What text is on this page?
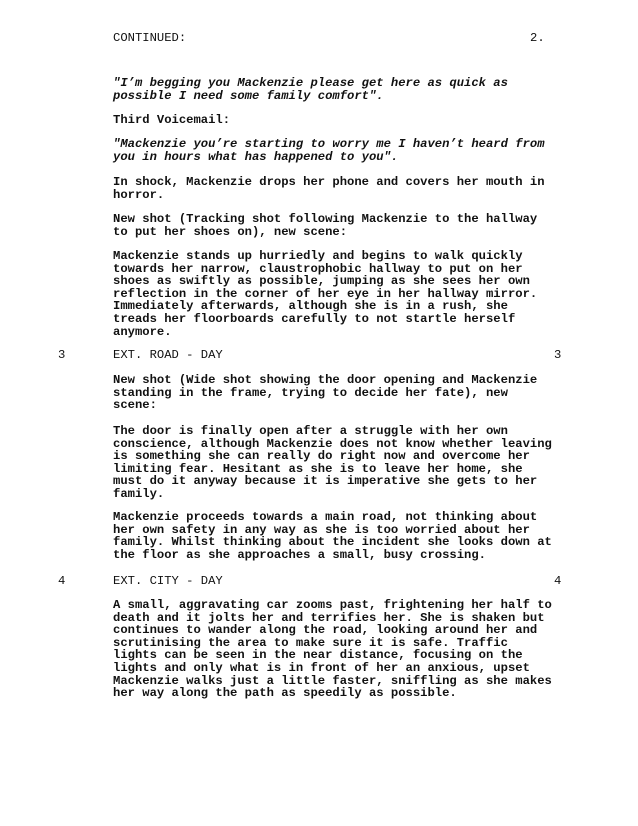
CONTINUED:	2.
"I’m begging you Mackenzie please get here as quick as
possible I need some family comfort".
Third Voicemail:
"Mackenzie you’re starting to worry me I haven’t heard from
you in hours what has happened to you".
In shock, Mackenzie drops her phone and covers her mouth in
horror.
New shot (Tracking shot following Mackenzie to the hallway
to put her shoes on), new scene:
Mackenzie stands up hurriedly and begins to walk quickly
towards her narrow, claustrophobic hallway to put on her
shoes as swiftly as possible, jumping as she sees her own
reflection in the corner of her eye in her hallway mirror.
Immediately afterwards, although she is in a rush, she
treads her floorboards carefully to not startle herself
anymore.
3	EXT. ROAD - DAY	3
New shot (Wide shot showing the door opening and Mackenzie
standing in the frame, trying to decide her fate), new
scene:
The door is finally open after a struggle with her own
conscience, although Mackenzie does not know whether leaving
is something she can really do right now and overcome her
limiting fear. Hesitant as she is to leave her home, she
must do it anyway because it is imperative she gets to her
family.
Mackenzie proceeds towards a main road, not thinking about
her own safety in any way as she is too worried about her
family. Whilst thinking about the incident she looks down at
the floor as she approaches a small, busy crossing.
4	EXT. CITY - DAY	4
A small, aggravating car zooms past, frightening her half to
death and it jolts her and terrifies her. She is shaken but
continues to wander along the road, looking around her and
scrutinising the area to make sure it is safe. Traffic
lights can be seen in the near distance, focusing on the
lights and only what is in front of her an anxious, upset
Mackenzie walks just a little faster, sniffling as she makes
her way along the path as speedily as possible.
